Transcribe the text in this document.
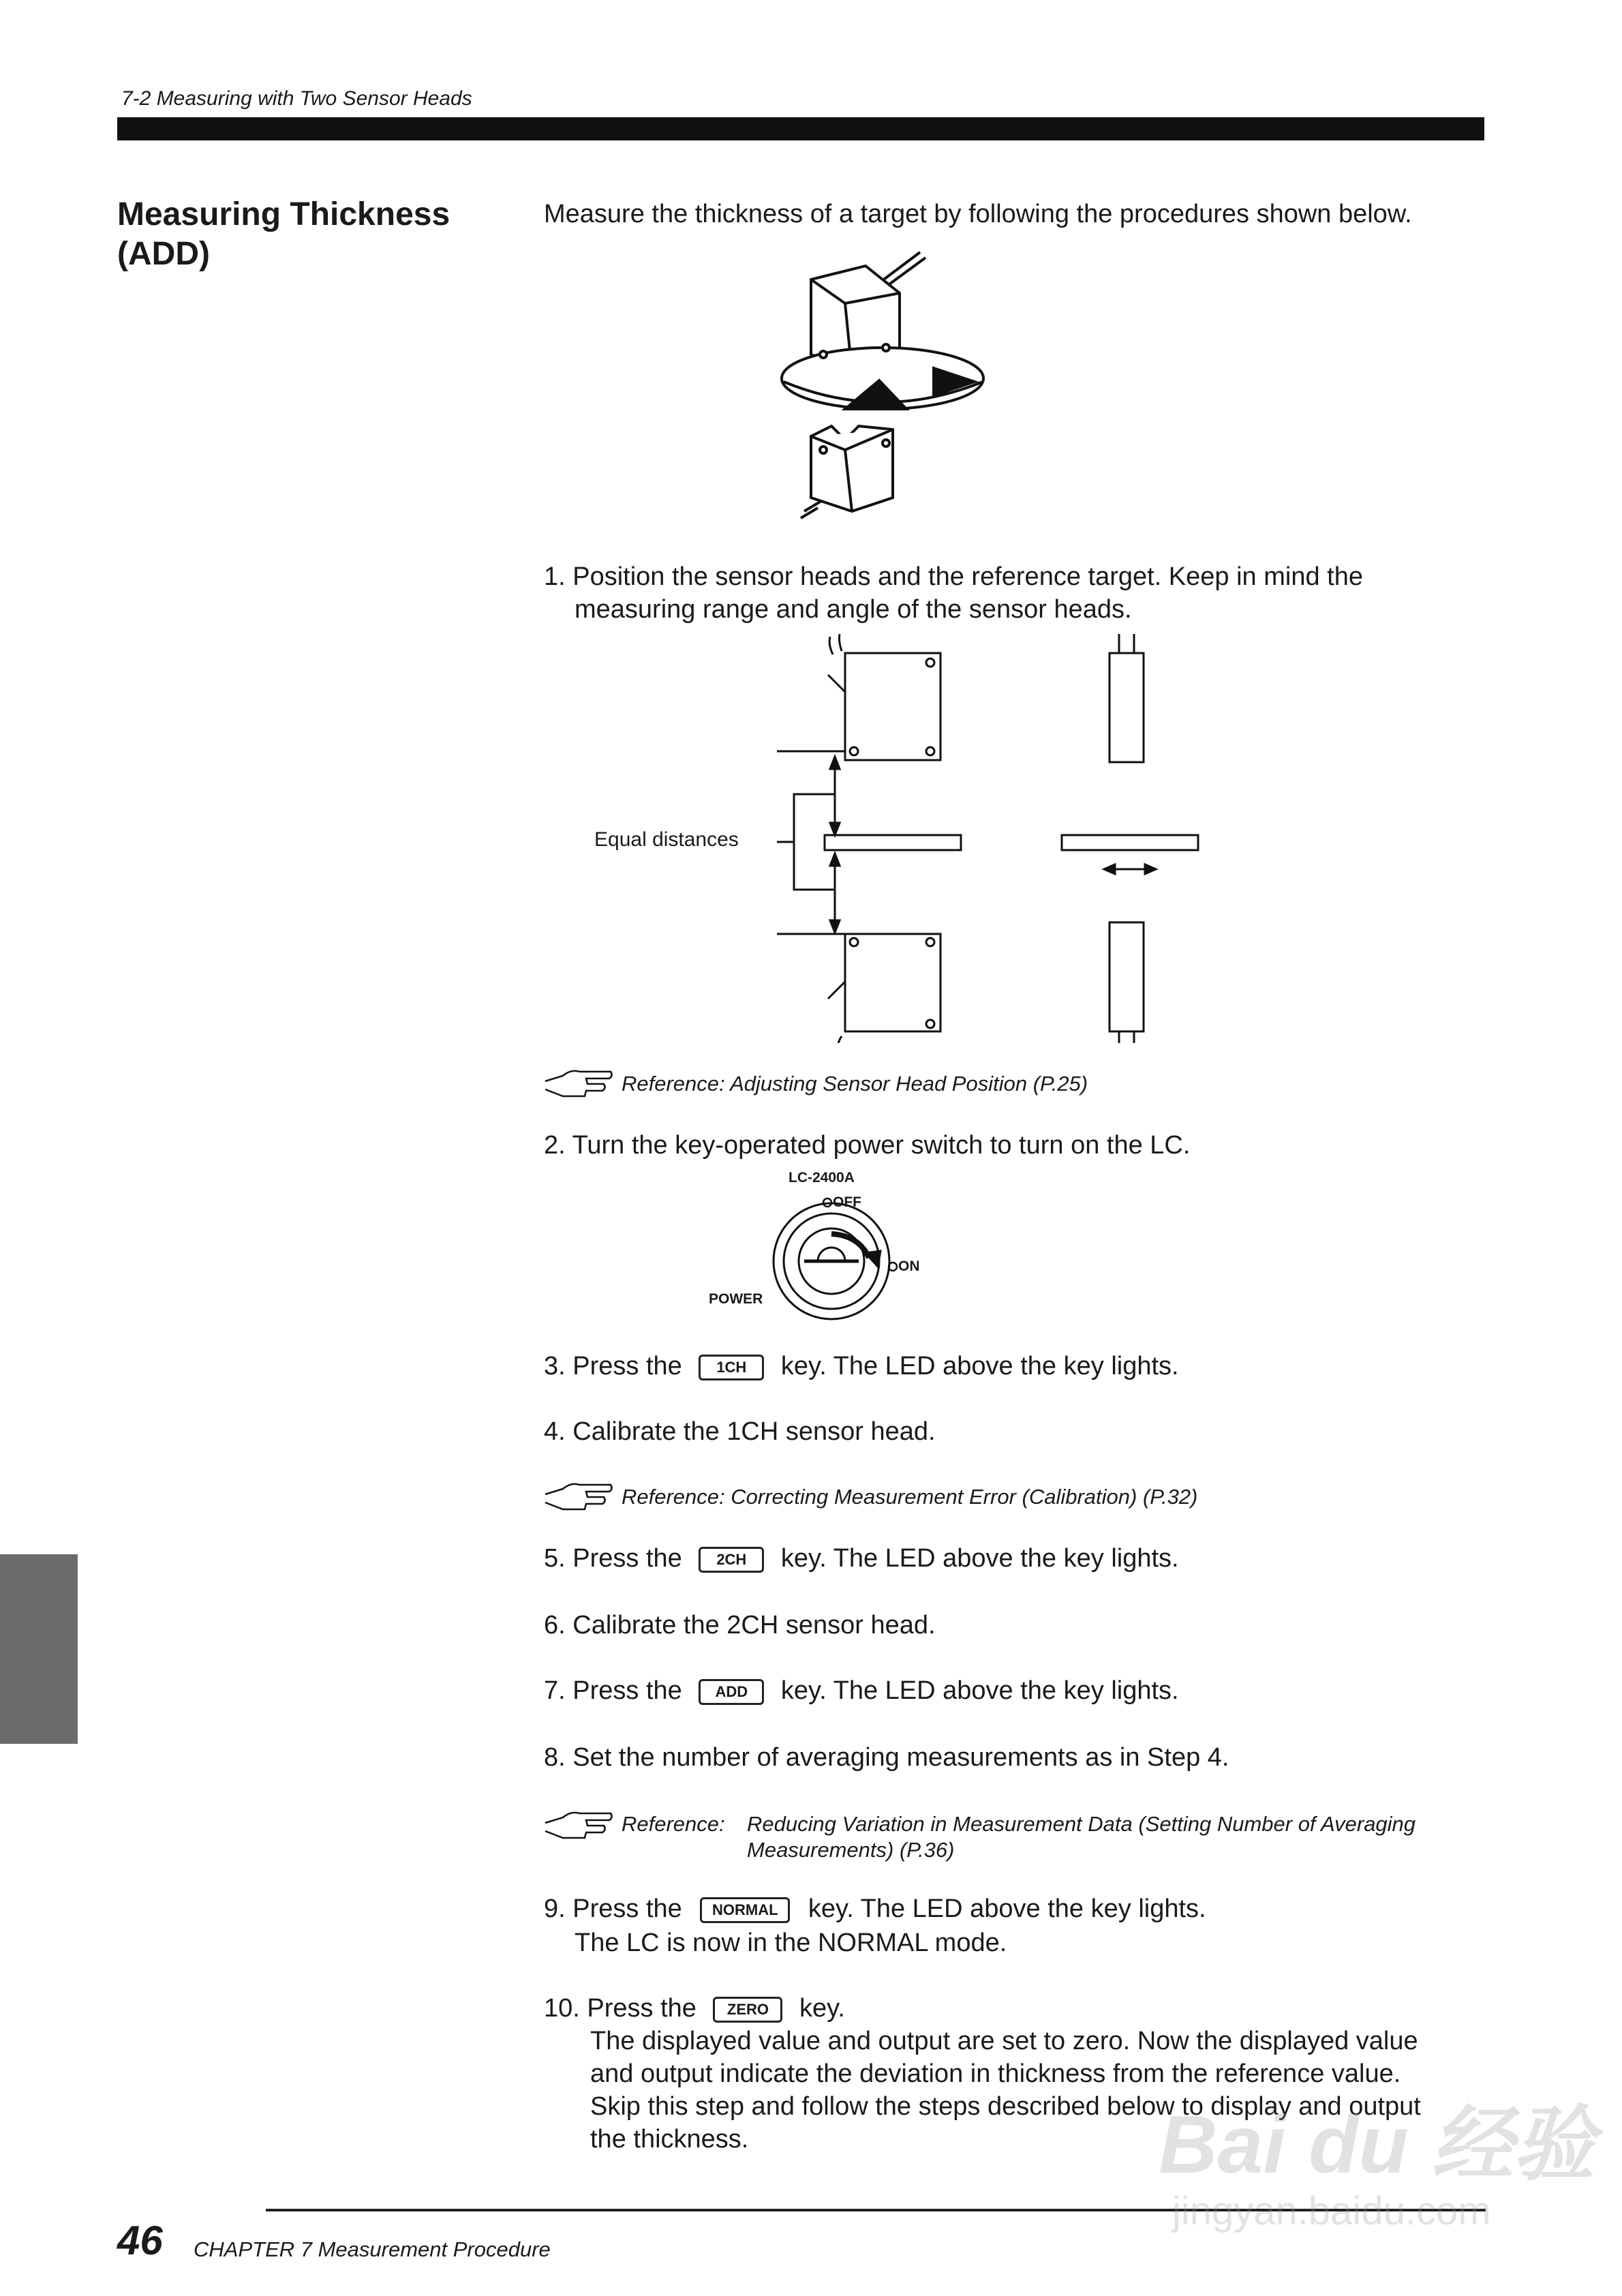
7-2 Measuring with Two Sensor Heads
Measuring Thickness
(ADD)
Measure the thickness of a target by following the procedures shown below.
1. Position the sensor heads and the reference target. Keep in mind the
measuring range and angle of the sensor heads.
Equal distances
Reference: Adjusting Sensor Head Position (P.25)
2. Turn the key-operated power switch to turn on the LC.
LC-2400A
OFF
ON
POWER
3. Press the 1CH key. The LED above the key lights.
4. Calibrate the 1CH sensor head.
Reference: Correcting Measurement Error (Calibration) (P.32)
5. Press the 2CH key. The LED above the key lights.
6. Calibrate the 2CH sensor head.
7. Press the ADD key. The LED above the key lights.
8. Set the number of averaging measurements as in Step 4.
Reference: Reducing Variation in Measurement Data (Setting Number of Averaging
Measurements) (P.36)
9. Press the NORMAL key. The LED above the key lights.
The LC is now in the NORMAL mode.
10. Press the ZERO key.
The displayed value and output are set to zero. Now the displayed value
and output indicate the deviation in thickness from the reference value.
Skip this step and follow the steps described below to display and output
the thickness.
46 CHAPTER 7 Measurement Procedure
Bai du 经验
jingyan.baidu.com
